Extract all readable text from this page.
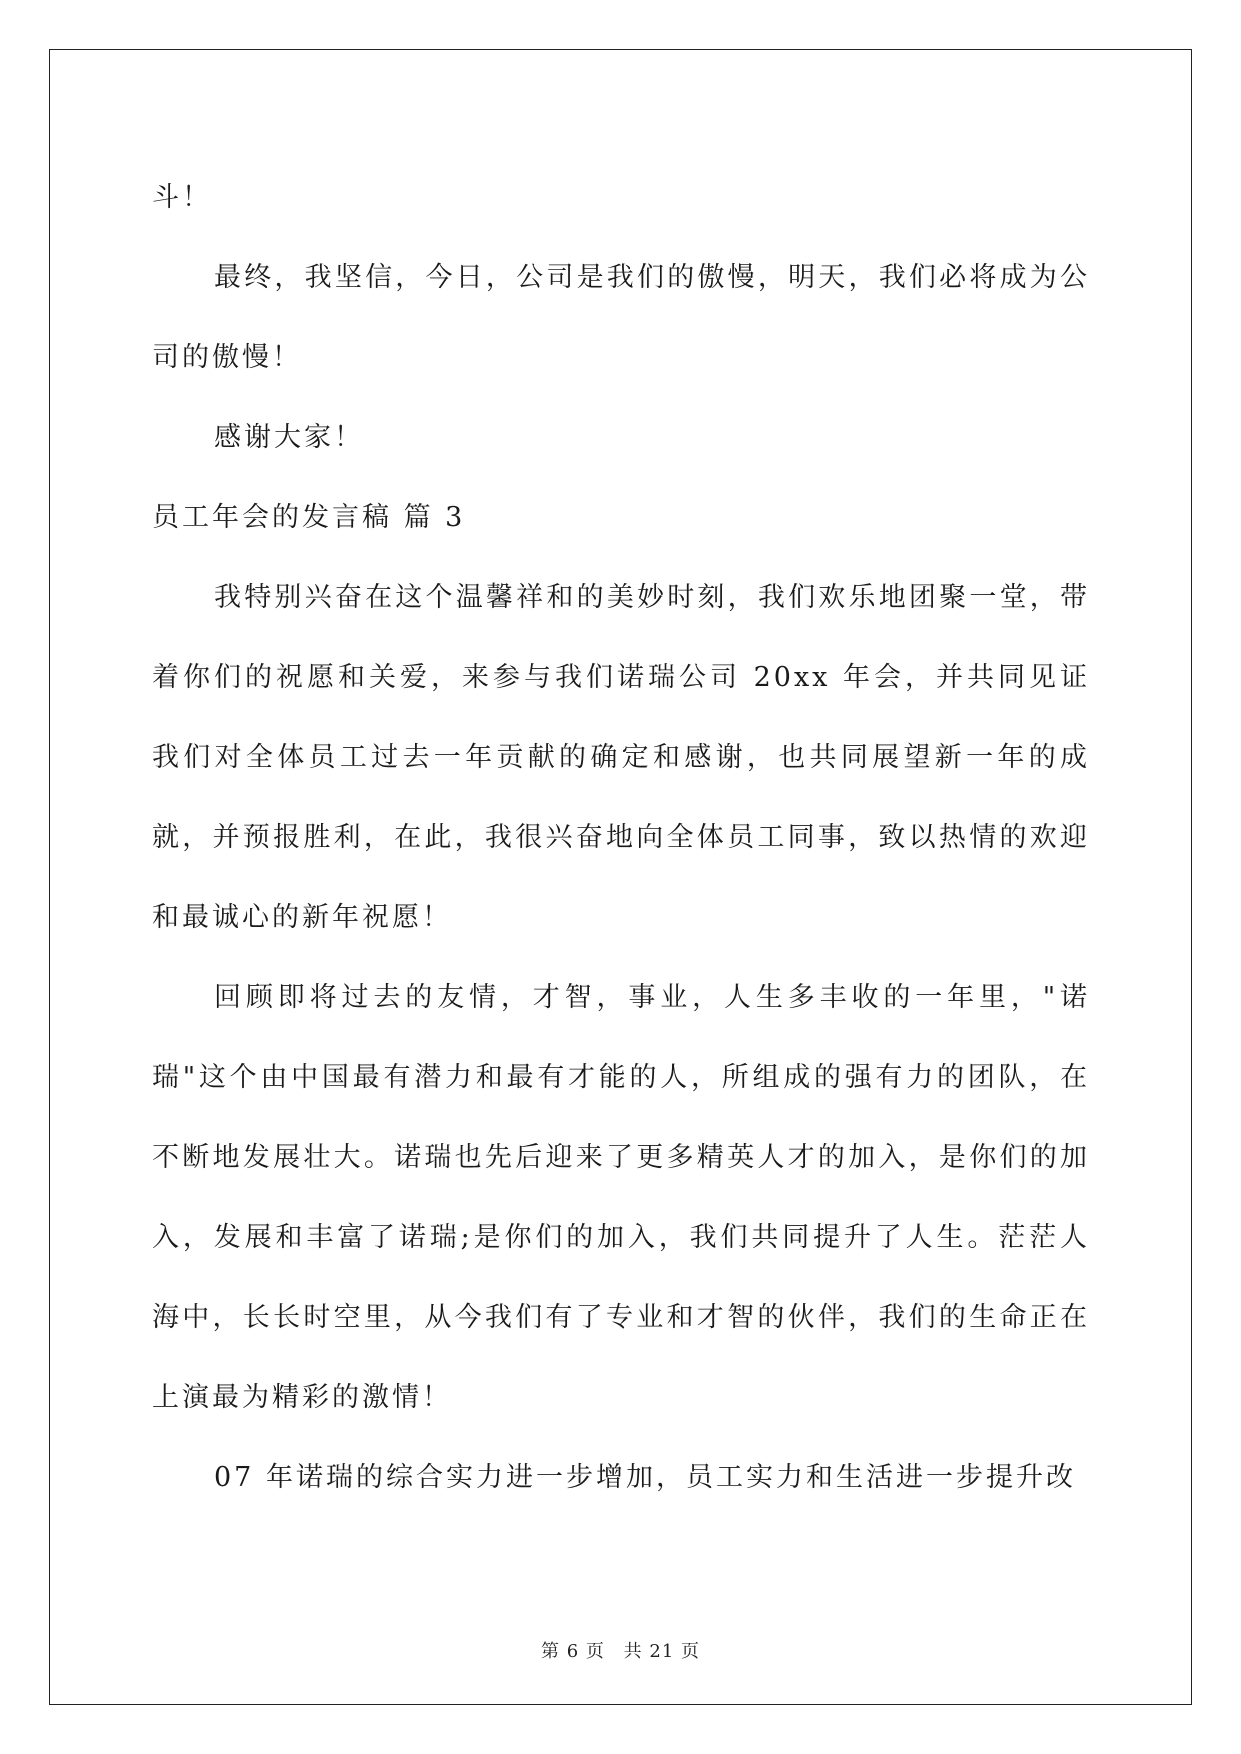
斗！

最终，我坚信，今日，公司是我们的傲慢，明天，我们必将成为公司的傲慢！

感谢大家！

员工年会的发言稿 篇 3

我特别兴奋在这个温馨祥和的美妙时刻，我们欢乐地团聚一堂，带着你们的祝愿和关爱，来参与我们诺瑞公司 20xx 年会，并共同见证我们对全体员工过去一年贡献的确定和感谢，也共同展望新一年的成就，并预报胜利，在此，我很兴奋地向全体员工同事，致以热情的欢迎和最诚心的新年祝愿！

回顾即将过去的友情，才智，事业，人生多丰收的一年里，"诺瑞"这个由中国最有潜力和最有才能的人，所组成的强有力的团队，在不断地发展壮大。诺瑞也先后迎来了更多精英人才的加入，是你们的加入，发展和丰富了诺瑞;是你们的加入，我们共同提升了人生。茫茫人海中，长长时空里，从今我们有了专业和才智的伙伴，我们的生命正在上演最为精彩的激情！

07 年诺瑞的综合实力进一步增加，员工实力和生活进一步提升改

第 6 页 共 21 页
